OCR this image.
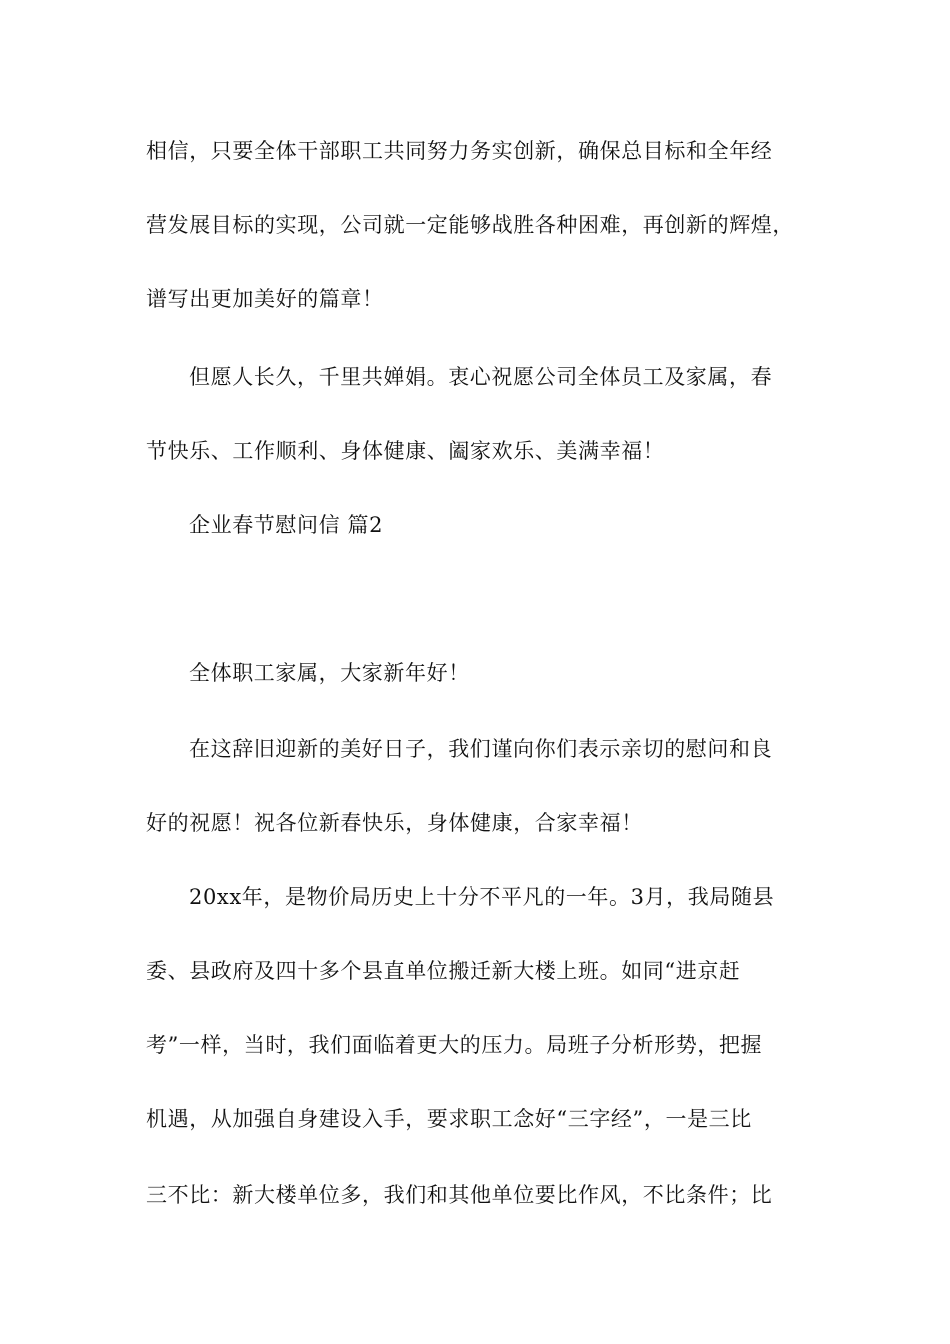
相信，只要全体干部职工共同努力务实创新，确保总目标和全年经
营发展目标的实现，公司就一定能够战胜各种困难，再创新的辉煌，
谱写出更加美好的篇章！
但愿人长久，千里共婵娟。衷心祝愿公司全体员工及家属，春
节快乐、工作顺利、身体健康、阖家欢乐、美满幸福！
企业春节慰问信 篇2
全体职工家属，大家新年好！
在这辞旧迎新的美好日子，我们谨向你们表示亲切的慰问和良
好的祝愿！祝各位新春快乐，身体健康，合家幸福！
20xx年，是物价局历史上十分不平凡的一年。3月，我局随县
委、县政府及四十多个县直单位搬迁新大楼上班。如同“进京赶
考”一样，当时，我们面临着更大的压力。局班子分析形势，把握
机遇，从加强自身建设入手，要求职工念好“三字经”，一是三比
三不比：新大楼单位多，我们和其他单位要比作风，不比条件；比
